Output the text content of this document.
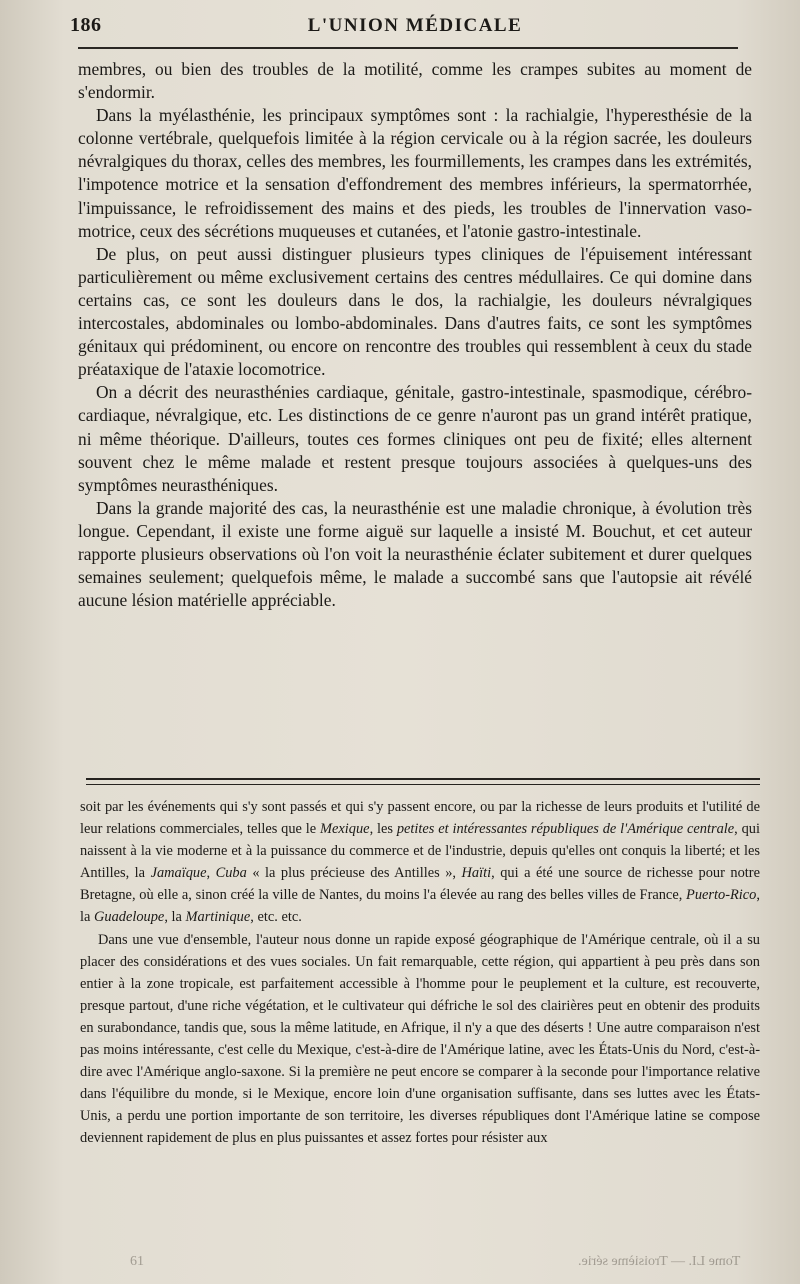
186	L'UNION MÉDICALE

membres, ou bien des troubles de la motilité, comme les crampes subites au moment de s'endormir.

Dans la myélasthénie, les principaux symptômes sont : la rachialgie, l'hyperesthésie de la colonne vertébrale, quelquefois limitée à la région cervicale ou à la région sacrée, les douleurs névralgiques du thorax, celles des membres, les fourmillements, les crampes dans les extrémités, l'impotence motrice et la sensation d'effondrement des membres inférieurs, la spermatorrhée, l'impuissance, le refroidissement des mains et des pieds, les troubles de l'innervation vaso-motrice, ceux des sécrétions muqueuses et cutanées, et l'atonie gastro-intestinale.

De plus, on peut aussi distinguer plusieurs types cliniques de l'épuisement intéressant particulièrement ou même exclusivement certains des centres médullaires. Ce qui domine dans certains cas, ce sont les douleurs dans le dos, la rachialgie, les douleurs névralgiques intercostales, abdominales ou lombo-abdominales. Dans d'autres faits, ce sont les symptômes génitaux qui prédominent, ou encore on rencontre des troubles qui ressemblent à ceux du stade préataxique de l'ataxie locomotrice.

On a décrit des neurasthénies cardiaque, génitale, gastro-intestinale, spasmodique, cérébro-cardiaque, névralgique, etc. Les distinctions de ce genre n'auront pas un grand intérêt pratique, ni même théorique. D'ailleurs, toutes ces formes cliniques ont peu de fixité; elles alternent souvent chez le même malade et restent presque toujours associées à quelques-uns des symptômes neurasthéniques.

Dans la grande majorité des cas, la neurasthénie est une maladie chronique, à évolution très longue. Cependant, il existe une forme aiguë sur laquelle a insisté M. Bouchut, et cet auteur rapporte plusieurs observations où l'on voit la neurasthénie éclater subitement et durer quelques semaines seulement; quelquefois même, le malade a succombé sans que l'autopsie ait révélé aucune lésion matérielle appréciable.

soit par les événements qui s'y sont passés et qui s'y passent encore, ou par la richesse de leurs produits et l'utilité de leur relations commerciales, telles que le Mexique, les petites et intéressantes républiques de l'Amérique centrale, qui naissent à la vie moderne et à la puissance du commerce et de l'industrie, depuis qu'elles ont conquis la liberté; et les Antilles, la Jamaïque, Cuba « la plus précieuse des Antilles », Haïti, qui a été une source de richesse pour notre Bretagne, où elle a, sinon créé la ville de Nantes, du moins l'a élevée au rang des belles villes de France, Puerto-Rico, la Guadeloupe, la Martinique, etc. etc.

Dans une vue d'ensemble, l'auteur nous donne un rapide exposé géographique de l'Amérique centrale, où il a su placer des considérations et des vues sociales. Un fait remarquable, cette région, qui appartient à peu près dans son entier à la zone tropicale, est parfaitement accessible à l'homme pour le peuplement et la culture, est recouverte, presque partout, d'une riche végétation, et le cultivateur qui défriche le sol des clairières peut en obtenir des produits en surabondance, tandis que, sous la même latitude, en Afrique, il n'y a que des déserts ! Une autre comparaison n'est pas moins intéressante, c'est celle du Mexique, c'est-à-dire de l'Amérique latine, avec les États-Unis du Nord, c'est-à-dire avec l'Amérique anglo-saxone. Si la première ne peut encore se comparer à la seconde pour l'importance relative dans l'équilibre du monde, si le Mexique, encore loin d'une organisation suffisante, dans ses luttes avec les États-Unis, a perdu une portion importante de son territoire, les diverses républiques dont l'Amérique latine se compose deviennent rapidement de plus en plus puissantes et assez fortes pour résister aux

61	Tome LI. — Troisième série.
